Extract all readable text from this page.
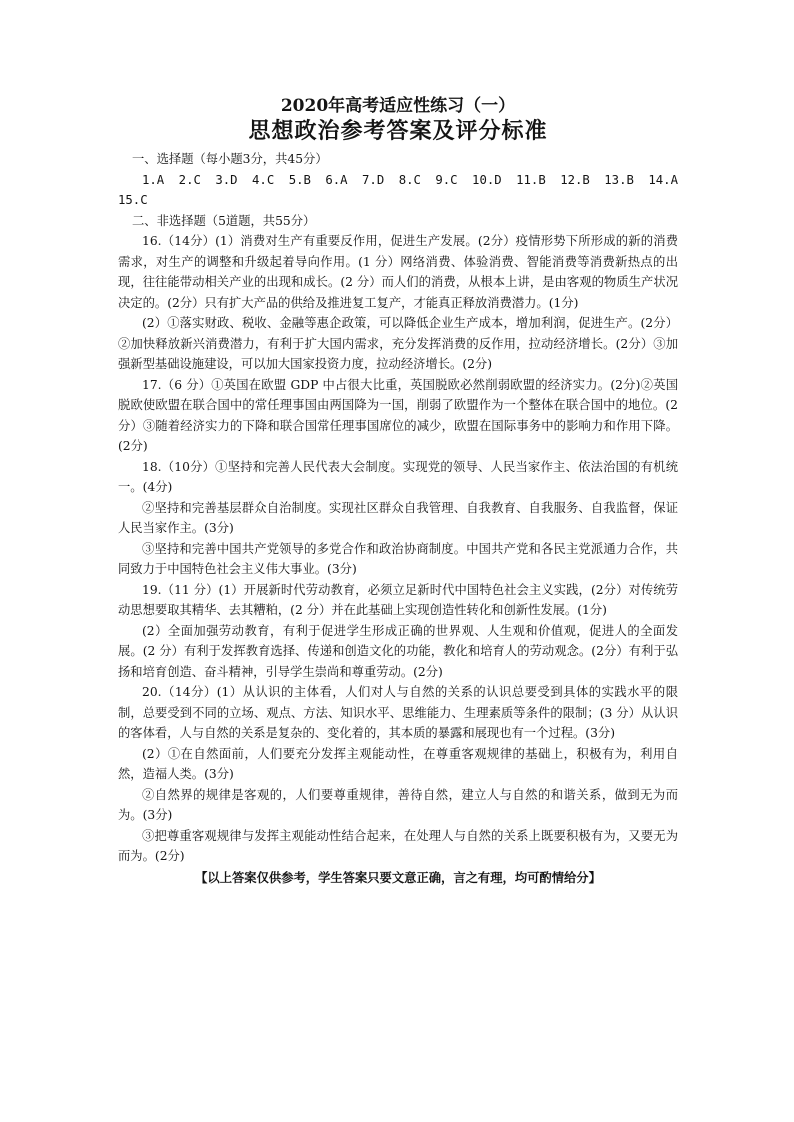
2020年高考适应性练习（一）
思想政治参考答案及评分标准

一、选择题（每小题3分，共45分）

1.A 2.C 3.D 4.C 5.B 6.A 7.D 8.C 9.C 10.D 11.B 12.B 13.B 14.A
15.C

二、非选择题（5道题，共55分）

16.（14分）(1）消费对生产有重要反作用，促进生产发展。(2分）疫情形势下所形成的新的消费需求，对生产的调整和升级起着导向作用。(1 分）网络消费、体验消费、智能消费等消费新热点的出现，往往能带动相关产业的出现和成长。(2 分）而人们的消费，从根本上讲，是由客观的物质生产状况决定的。(2分）只有扩大产品的供给及推进复工复产，才能真正释放消费潜力。(1分)

(2）①落实财政、税收、金融等惠企政策，可以降低企业生产成本，增加利润，促进生产。(2分）②加快释放新兴消费潜力，有利于扩大国内需求，充分发挥消费的反作用，拉动经济增长。(2分）③加强新型基础设施建设，可以加大国家投资力度，拉动经济增长。(2分)

17.（6 分）①英国在欧盟 GDP 中占很大比重，英国脱欧必然削弱欧盟的经济实力。(2分)②英国脱欧使欧盟在联合国中的常任理事国由两国降为一国，削弱了欧盟作为一个整体在联合国中的地位。(2 分）③随着经济实力的下降和联合国常任理事国席位的减少，欧盟在国际事务中的影响力和作用下降。(2分)

18.（10分）①坚持和完善人民代表大会制度。实现党的领导、人民当家作主、依法治国的有机统一。(4分)

②坚持和完善基层群众自治制度。实现社区群众自我管理、自我教育、自我服务、自我监督，保证人民当家作主。(3分)

③坚持和完善中国共产党领导的多党合作和政治协商制度。中国共产党和各民主党派通力合作，共同致力于中国特色社会主义伟大事业。(3分)

19.（11 分）(1）开展新时代劳动教育，必须立足新时代中国特色社会主义实践，(2分）对传统劳动思想要取其精华、去其糟粕，(2 分）并在此基础上实现创造性转化和创新性发展。(1分)

(2）全面加强劳动教育，有利于促进学生形成正确的世界观、人生观和价值观，促进人的全面发展。(2 分）有利于发挥教育选择、传递和创造文化的功能，教化和培育人的劳动观念。(2分）有利于弘扬和培育创造、奋斗精神，引导学生崇尚和尊重劳动。(2分)

20.（14分）(1）从认识的主体看，人们对人与自然的关系的认识总要受到具体的实践水平的限制，总要受到不同的立场、观点、方法、知识水平、思维能力、生理素质等条件的限制；(3 分）从认识的客体看，人与自然的关系是复杂的、变化着的，其本质的暴露和展现也有一个过程。(3分)

(2）①在自然面前，人们要充分发挥主观能动性，在尊重客观规律的基础上，积极有为，利用自然，造福人类。(3分)

②自然界的规律是客观的，人们要尊重规律，善待自然，建立人与自然的和谐关系，做到无为而为。(3分)

③把尊重客观规律与发挥主观能动性结合起来，在处理人与自然的关系上既要积极有为，又要无为而为。(2分)

【以上答案仅供参考，学生答案只要文意正确，言之有理，均可酌情给分】
